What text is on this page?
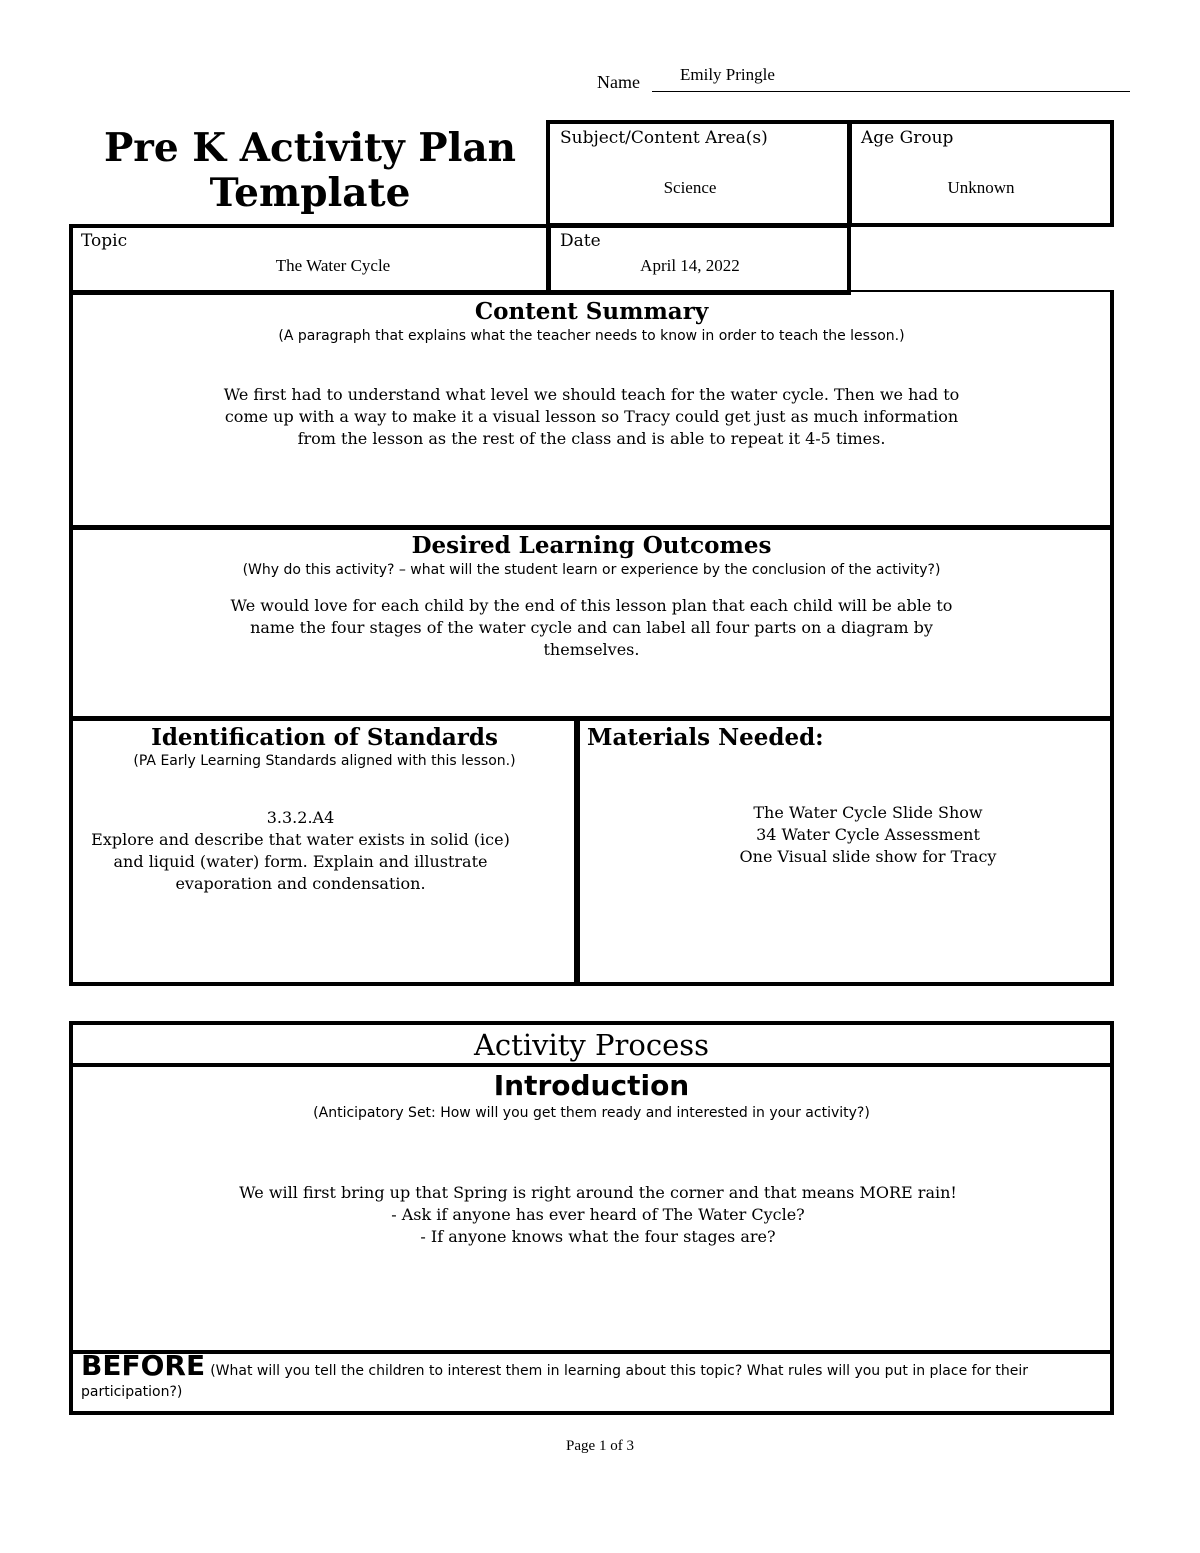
Name Emily Pringle
Pre K Activity Plan
Template
Subject/Content Area(s)
Science
Age Group
Unknown
Topic
The Water Cycle
Date
April 14, 2022
Content Summary
(A paragraph that explains what the teacher needs to know in order to teach the lesson.)
We first had to understand what level we should teach for the water cycle. Then we had to
come up with a way to make it a visual lesson so Tracy could get just as much information
from the lesson as the rest of the class and is able to repeat it 4-5 times.
Desired Learning Outcomes
(Why do this activity? – what will the student learn or experience by the conclusion of the activity?)
We would love for each child by the end of this lesson plan that each child will be able to
name the four stages of the water cycle and can label all four parts on a diagram by
themselves.
Identification of Standards
(PA Early Learning Standards aligned with this lesson.)
3.3.2.A4
Explore and describe that water exists in solid (ice)
and liquid (water) form. Explain and illustrate
evaporation and condensation.
Materials Needed:
The Water Cycle Slide Show
34 Water Cycle Assessment
One Visual slide show for Tracy
Activity Process
Introduction
(Anticipatory Set: How will you get them ready and interested in your activity?)
We will first bring up that Spring is right around the corner and that means MORE rain!
- Ask if anyone has ever heard of The Water Cycle?
- If anyone knows what the four stages are?
BEFORE (What will you tell the children to interest them in learning about this topic? What rules will you put in place for their
participation?)
Page 1 of 3
